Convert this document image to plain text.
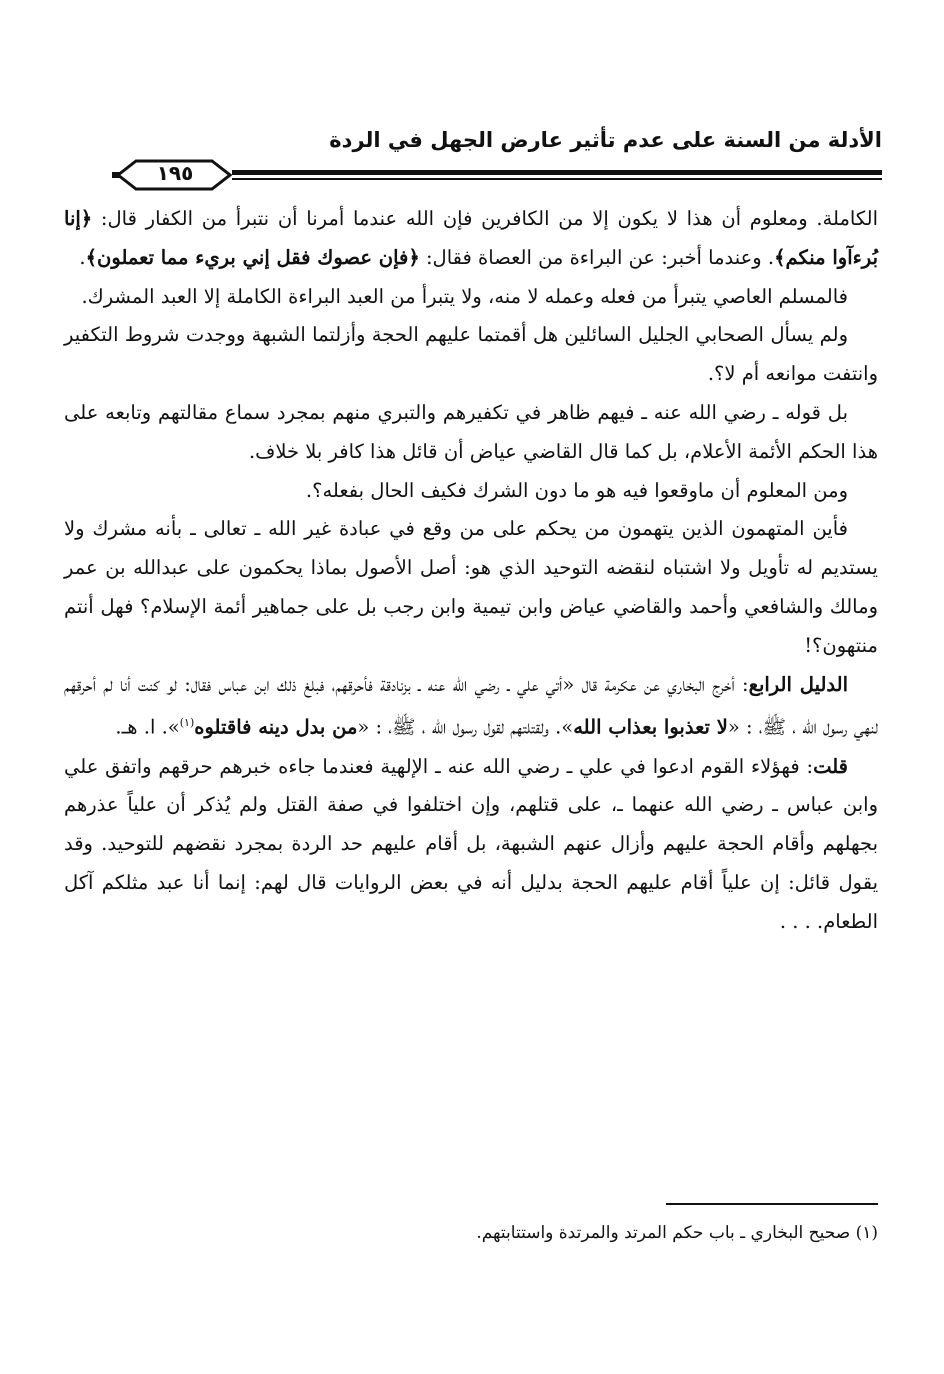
الأدلة من السنة على عدم تأثير عارض الجهل في الردة
١٩٥

الكاملة. ومعلوم أن هذا لا يكون إلا من الكافرين فإن الله عندما أمرنا أن نتبرأ من الكفار قال: ﴿إنا بُرءآوا منكم﴾. وعندما أخبر: عن البراءة من العصاة فقال: ﴿فإن عصوك فقل إني بريء مما تعملون﴾.

فالمسلم العاصي يتبرأ من فعله وعمله لا منه، ولا يتبرأ من العبد البراءة الكاملة إلا العبد المشرك.

ولم يسأل الصحابي الجليل السائلين هل أقمتما عليهم الحجة وأزلتما الشبهة ووجدت شروط التكفير وانتفت موانعه أم لا؟.

بل قوله ـ رضي الله عنه ـ فيهم ظاهر في تكفيرهم والتبري منهم بمجرد سماع مقالتهم وتابعه على هذا الحكم الأئمة الأعلام، بل كما قال القاضي عياض أن قائل هذا كافر بلا خلاف.

ومن المعلوم أن ماوقعوا فيه هو ما دون الشرك فكيف الحال بفعله؟.

فأين المتهمون الذين يتهمون من يحكم على من وقع في عبادة غير الله ـ تعالى ـ بأنه مشرك ولا يستديم له تأويل ولا اشتباه لنقضه التوحيد الذي هو: أصل الأصول بماذا يحكمون على عبدالله بن عمر ومالك والشافعي وأحمد والقاضي عياض وابن تيمية وابن رجب بل على جماهير أئمة الإسلام؟ فهل أنتم منتهون؟!

الدليل الرابع: أخرج البخاري عن عكرمة قال «أتي علي ـ رضي الله عنه ـ بزنادقة فأحرقهم، فبلغ ذلك ابن عباس فقال: لو كنت أنا لم أحرقهم لنهي رسول الله ، ﷺ، : «لا تعذبوا بعذاب الله». ولقتلتهم لقول رسول الله ، ﷺ، : «من بدل دينه فاقتلوه$^{(١)}$». ا. هـ.

قلت: فهؤلاء القوم ادعوا في علي ـ رضي الله عنه ـ الإلهية فعندما جاءه خبرهم حرقهم واتفق علي وابن عباس ـ رضي الله عنهما ـ، على قتلهم، وإن اختلفوا في صفة القتل ولم يُذكر أن علياً عذرهم بجهلهم وأقام الحجة عليهم وأزال عنهم الشبهة، بل أقام عليهم حد الردة بمجرد نقضهم للتوحيد. وقد يقول قائل: إن علياً أقام عليهم الحجة بدليل أنه في بعض الروايات قال لهم: إنما أنا عبد مثلكم آكل الطعام. . . .

(١) صحيح البخاري ـ باب حكم المرتد والمرتدة واستتابتهم.
